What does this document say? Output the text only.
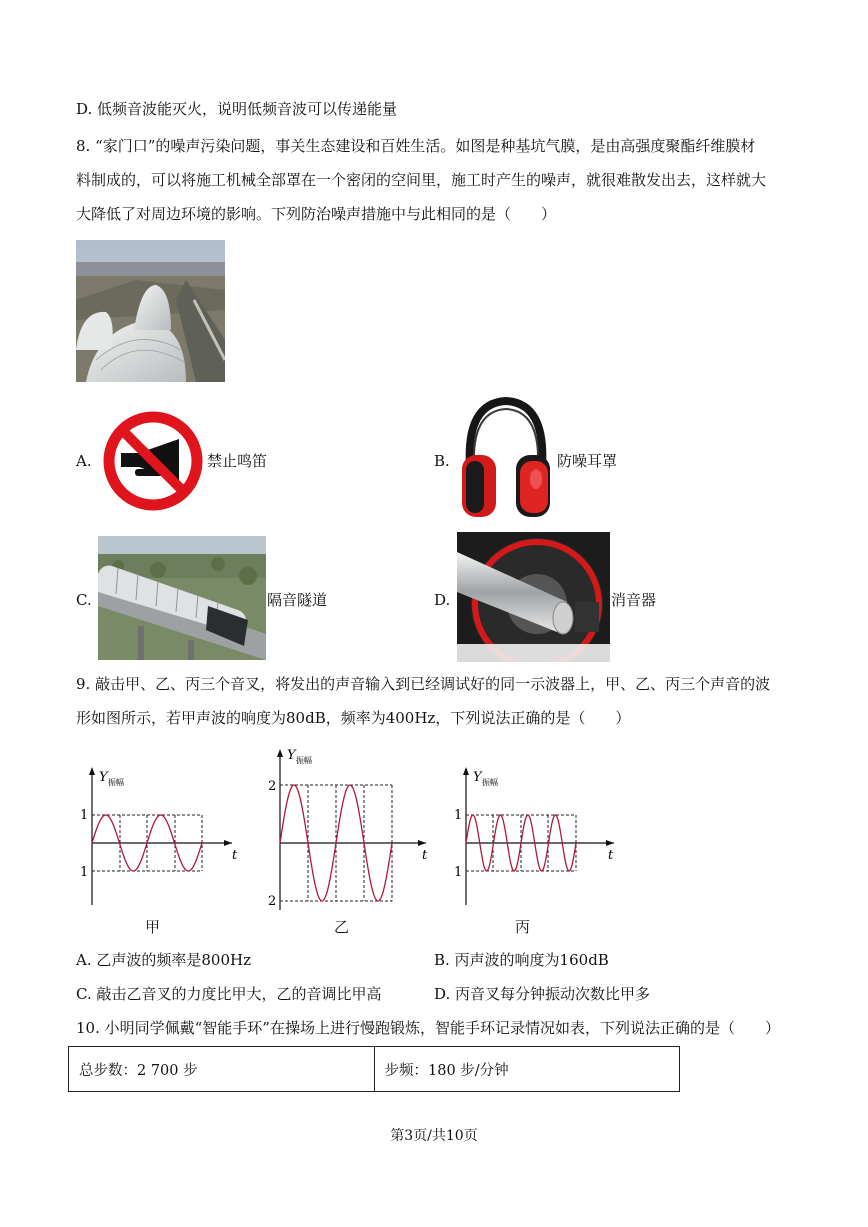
D. 低频音波能灭火，说明低频音波可以传递能量
8. “家门口”的噪声污染问题，事关生态建设和百姓生活。如图是种基坑气膜，是由高强度聚酯纤维膜材
料制成的，可以将施工机械全部罩在一个密闭的空间里，施工时产生的噪声，就很难散发出去，这样就大
大降低了对周边环境的影响。下列防治噪声措施中与此相同的是（　　）
A.	禁止鸣笛	B.	防噪耳罩
C.	隔音隧道	D.	消音器
9. 敲击甲、乙、丙三个音叉，将发出的声音输入到已经调试好的同一示波器上，甲、乙、丙三个声音的波
形如图所示，若甲声波的响度为80dB，频率为400Hz，下列说法正确的是（　　）
Y 振幅
1
1
t
Y 振幅
2
2
t
Y 振幅
1
1
t
甲	乙	丙
A. 乙声波的频率是800Hz	B. 丙声波的响度为160dB
C. 敲击乙音叉的力度比甲大，乙的音调比甲高	D. 丙音叉每分钟振动次数比甲多
10. 小明同学佩戴“智能手环”在操场上进行慢跑锻炼，智能手环记录情况如表，下列说法正确的是（　　）
总步数：2 700 步	步频：180 步/分钟
第3页/共10页
